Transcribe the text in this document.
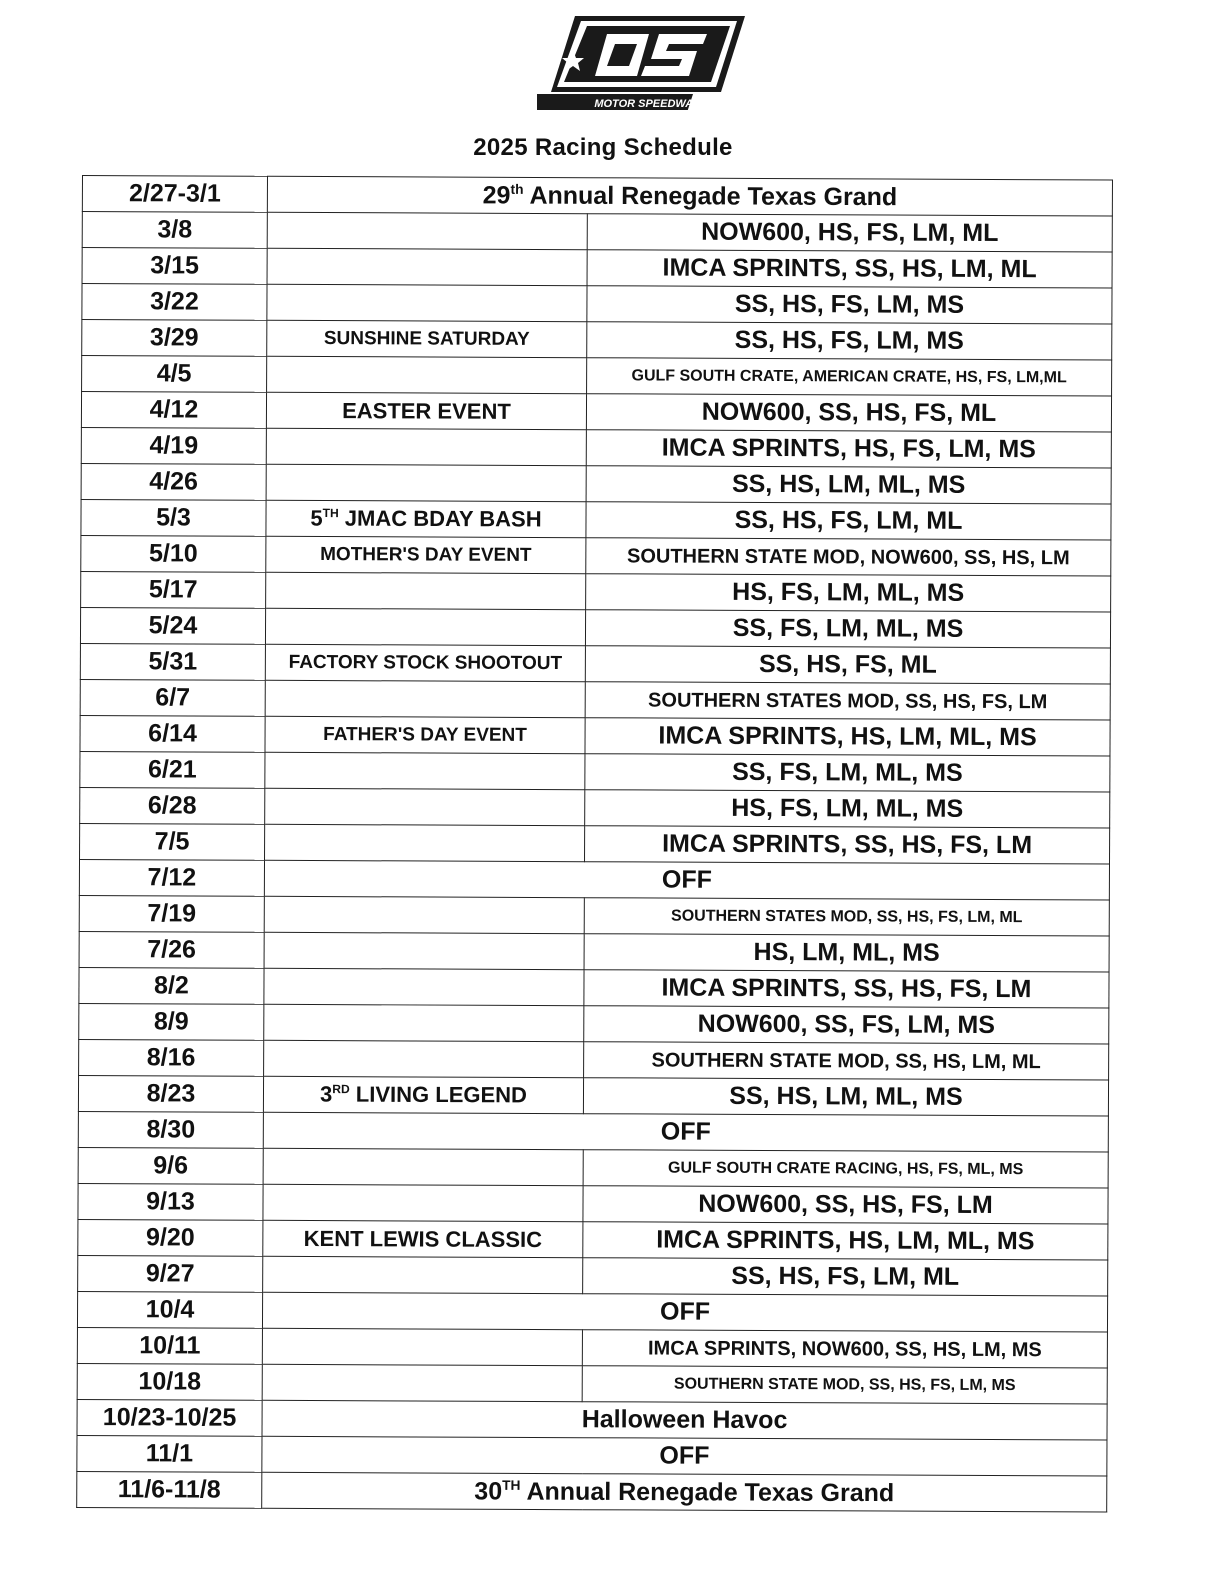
MOTOR SPEEDWAY
2025 Racing Schedule
2/27-3/1	29th Annual Renegade Texas Grand	
3/8		NOW600, HS, FS, LM, ML
3/15		IMCA SPRINTS, SS, HS, LM, ML
3/22		SS, HS, FS, LM, MS
3/29	SUNSHINE SATURDAY	SS, HS, FS, LM, MS
4/5		GULF SOUTH CRATE, AMERICAN CRATE, HS, FS, LM,ML
4/12	EASTER EVENT	NOW600, SS, HS, FS, ML
4/19		IMCA SPRINTS, HS, FS, LM, MS
4/26		SS, HS, LM, ML, MS
5/3	5TH JMAC BDAY BASH	SS, HS, FS, LM, ML
5/10	MOTHER'S DAY EVENT	SOUTHERN STATE MOD, NOW600, SS, HS, LM
5/17		HS, FS, LM, ML, MS
5/24		SS, FS, LM, ML, MS
5/31	FACTORY STOCK SHOOTOUT	SS, HS, FS, ML
6/7		SOUTHERN STATES MOD, SS, HS, FS, LM
6/14	FATHER'S DAY EVENT	IMCA SPRINTS, HS, LM, ML, MS
6/21		SS, FS, LM, ML, MS
6/28		HS, FS, LM, ML, MS
7/5		IMCA SPRINTS, SS, HS, FS, LM
7/12	OFF	
7/19		SOUTHERN STATES MOD, SS, HS, FS, LM, ML
7/26		HS, LM, ML, MS
8/2		IMCA SPRINTS, SS, HS, FS, LM
8/9		NOW600, SS, FS, LM, MS
8/16		SOUTHERN STATE MOD, SS, HS, LM, ML
8/23	3RD LIVING LEGEND	SS, HS, LM, ML, MS
8/30	OFF	
9/6		GULF SOUTH CRATE RACING, HS, FS, ML, MS
9/13		NOW600, SS, HS, FS, LM
9/20	KENT LEWIS CLASSIC	IMCA SPRINTS, HS, LM, ML, MS
9/27		SS, HS, FS, LM, ML
10/4	OFF	
10/11		IMCA SPRINTS, NOW600, SS, HS, LM, MS
10/18		SOUTHERN STATE MOD, SS, HS, FS, LM, MS
10/23-10/25	Halloween Havoc	
11/1	OFF	
11/6-11/8	30TH Annual Renegade Texas Grand	
